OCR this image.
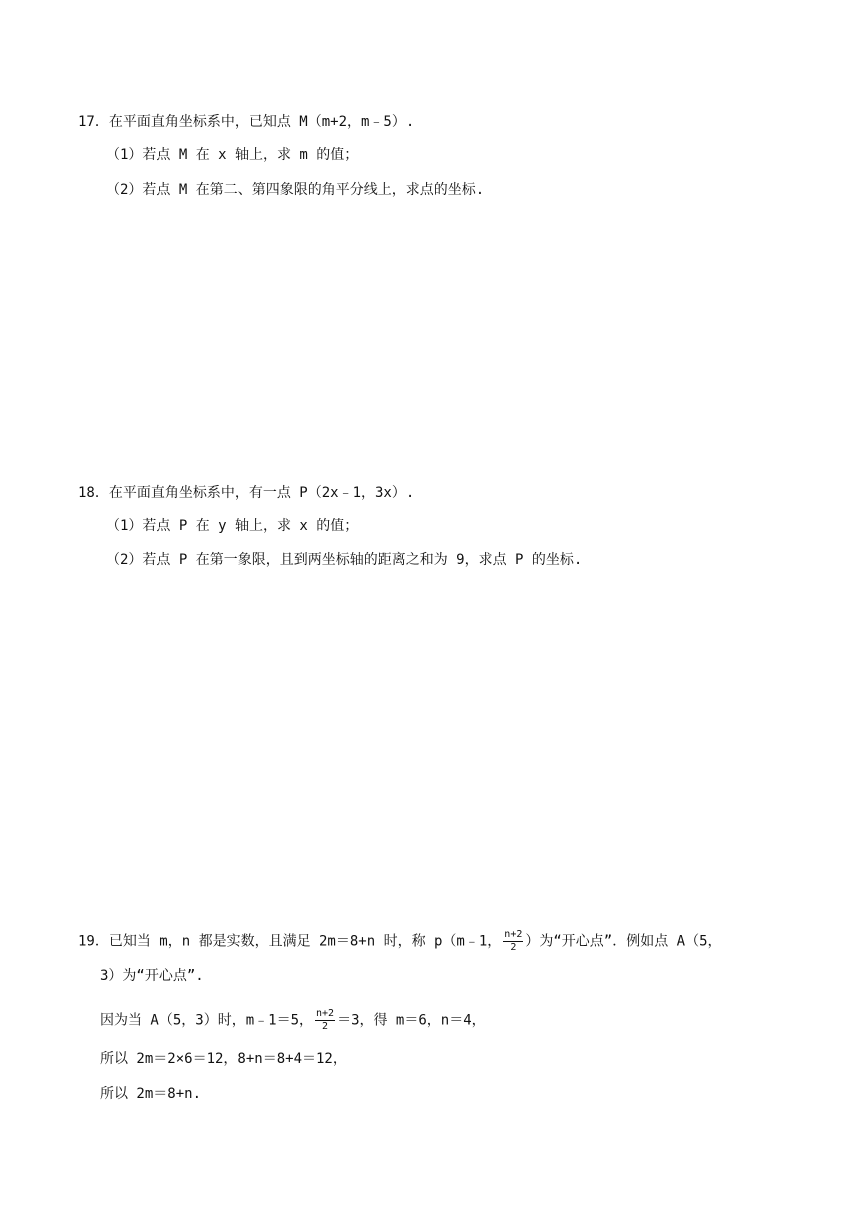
17．在平面直角坐标系中，已知点 M（m+2，m﹣5）.
（1）若点 M 在 x 轴上，求 m 的值；
（2）若点 M 在第二、第四象限的角平分线上，求点的坐标.
18．在平面直角坐标系中，有一点 P（2x﹣1，3x）.
（1）若点 P 在 y 轴上，求 x 的值；
（2）若点 P 在第一象限，且到两坐标轴的距离之和为 9，求点 P 的坐标.
19．已知当 m，n 都是实数，且满足 2m＝8+n 时，称 p（m﹣1， $\frac{n+2}{2}$ ）为“开心点”．例如点 A（5，
3）为“开心点”.
因为当 A（5，3）时，m﹣1＝5， $\frac{n+2}{2} =3$，得 m＝6，n＝4，
所以 2m＝2×6＝12，8+n＝8+4＝12，
所以 2m＝8+n.
